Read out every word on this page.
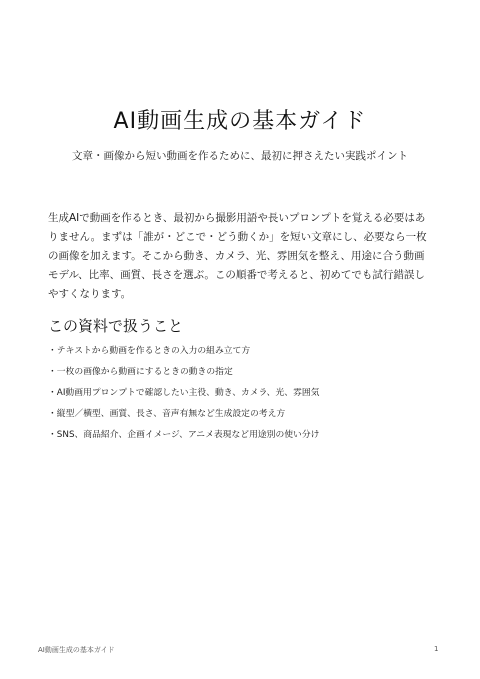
AI動画生成の基本ガイド

文章・画像から短い動画を作るために、最初に押さえたい実践ポイント

生成AIで動画を作るとき、最初から撮影用語や長いプロンプトを覚える必要はありません。まずは「誰が・どこで・どう動くか」を短い文章にし、必要なら一枚の画像を加えます。そこから動き、カメラ、光、雰囲気を整え、用途に合う動画モデル、比率、画質、長さを選ぶ。この順番で考えると、初めてでも試行錯誤しやすくなります。

この資料で扱うこと
・テキストから動画を作るときの入力の組み立て方
・一枚の画像から動画にするときの動きの指定
・AI動画用プロンプトで確認したい主役、動き、カメラ、光、雰囲気
・縦型／横型、画質、長さ、音声有無など生成設定の考え方
・SNS、商品紹介、企画イメージ、アニメ表現など用途別の使い分け
AI動画生成の基本ガイド	1
